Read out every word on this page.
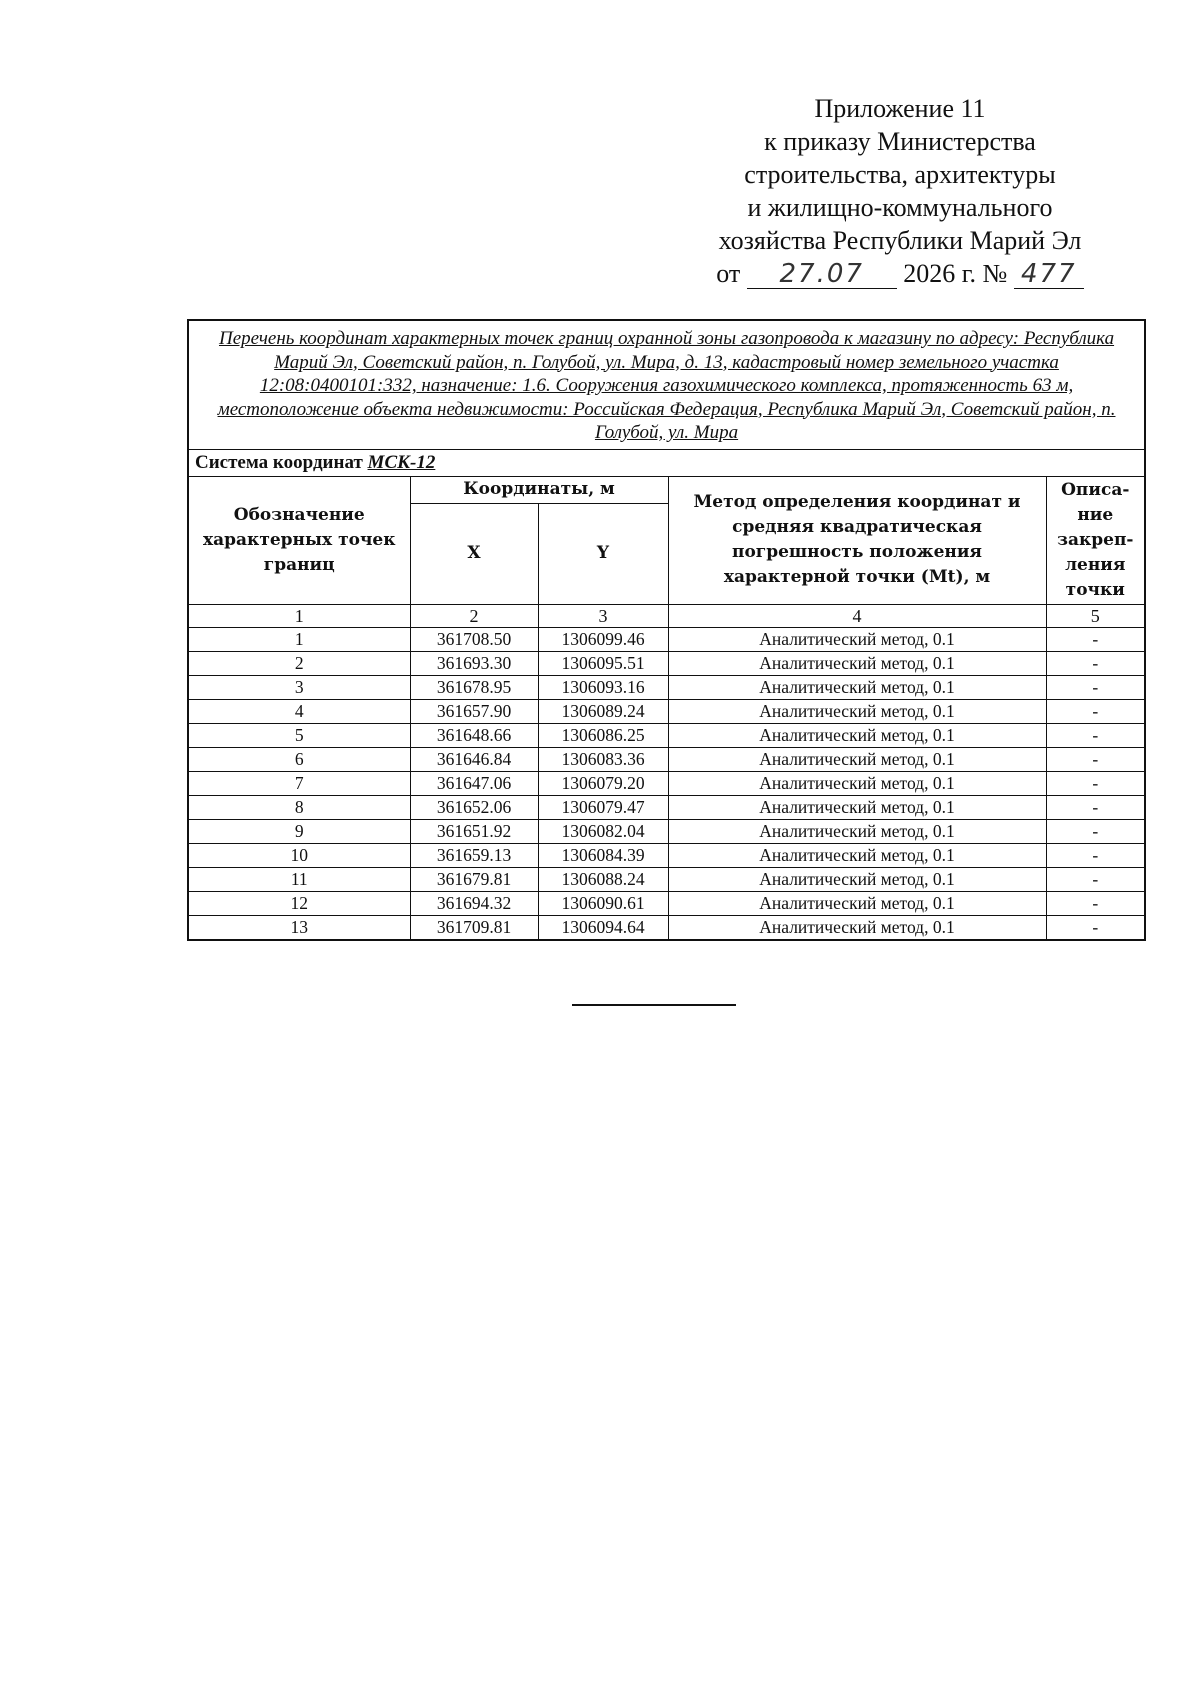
Приложение 11
к приказу Министерства
строительства, архитектуры
и жилищно-коммунального
хозяйства Республики Марий Эл
от 27.07 2026 г. № 477
Перечень координат характерных точек границ охранной зоны газопровода к магазину по адресу: Республика Марий Эл, Советский район, п. Голубой, ул. Мира, д. 13, кадастровый номер земельного участка 12:08:0400101:332, назначение: 1.6. Сооружения газохимического комплекса, протяженность 63 м, местоположение объекта недвижимости: Российская Федерация, Республика Марий Эл, Советский район, п. Голубой, ул. Мира				
Система координат МСК-12				
Обозначение характерных точек границ	Координаты, м		Метод определения координат и средняя квадратическая погрешность положения характерной точки (Mt), м	Описа-ние закреп-ления точки
	X	Y		
1	2	3	4	5
1	361708.50	1306099.46	Аналитический метод, 0.1	-
2	361693.30	1306095.51	Аналитический метод, 0.1	-
3	361678.95	1306093.16	Аналитический метод, 0.1	-
4	361657.90	1306089.24	Аналитический метод, 0.1	-
5	361648.66	1306086.25	Аналитический метод, 0.1	-
6	361646.84	1306083.36	Аналитический метод, 0.1	-
7	361647.06	1306079.20	Аналитический метод, 0.1	-
8	361652.06	1306079.47	Аналитический метод, 0.1	-
9	361651.92	1306082.04	Аналитический метод, 0.1	-
10	361659.13	1306084.39	Аналитический метод, 0.1	-
11	361679.81	1306088.24	Аналитический метод, 0.1	-
12	361694.32	1306090.61	Аналитический метод, 0.1	-
13	361709.81	1306094.64	Аналитический метод, 0.1	-
